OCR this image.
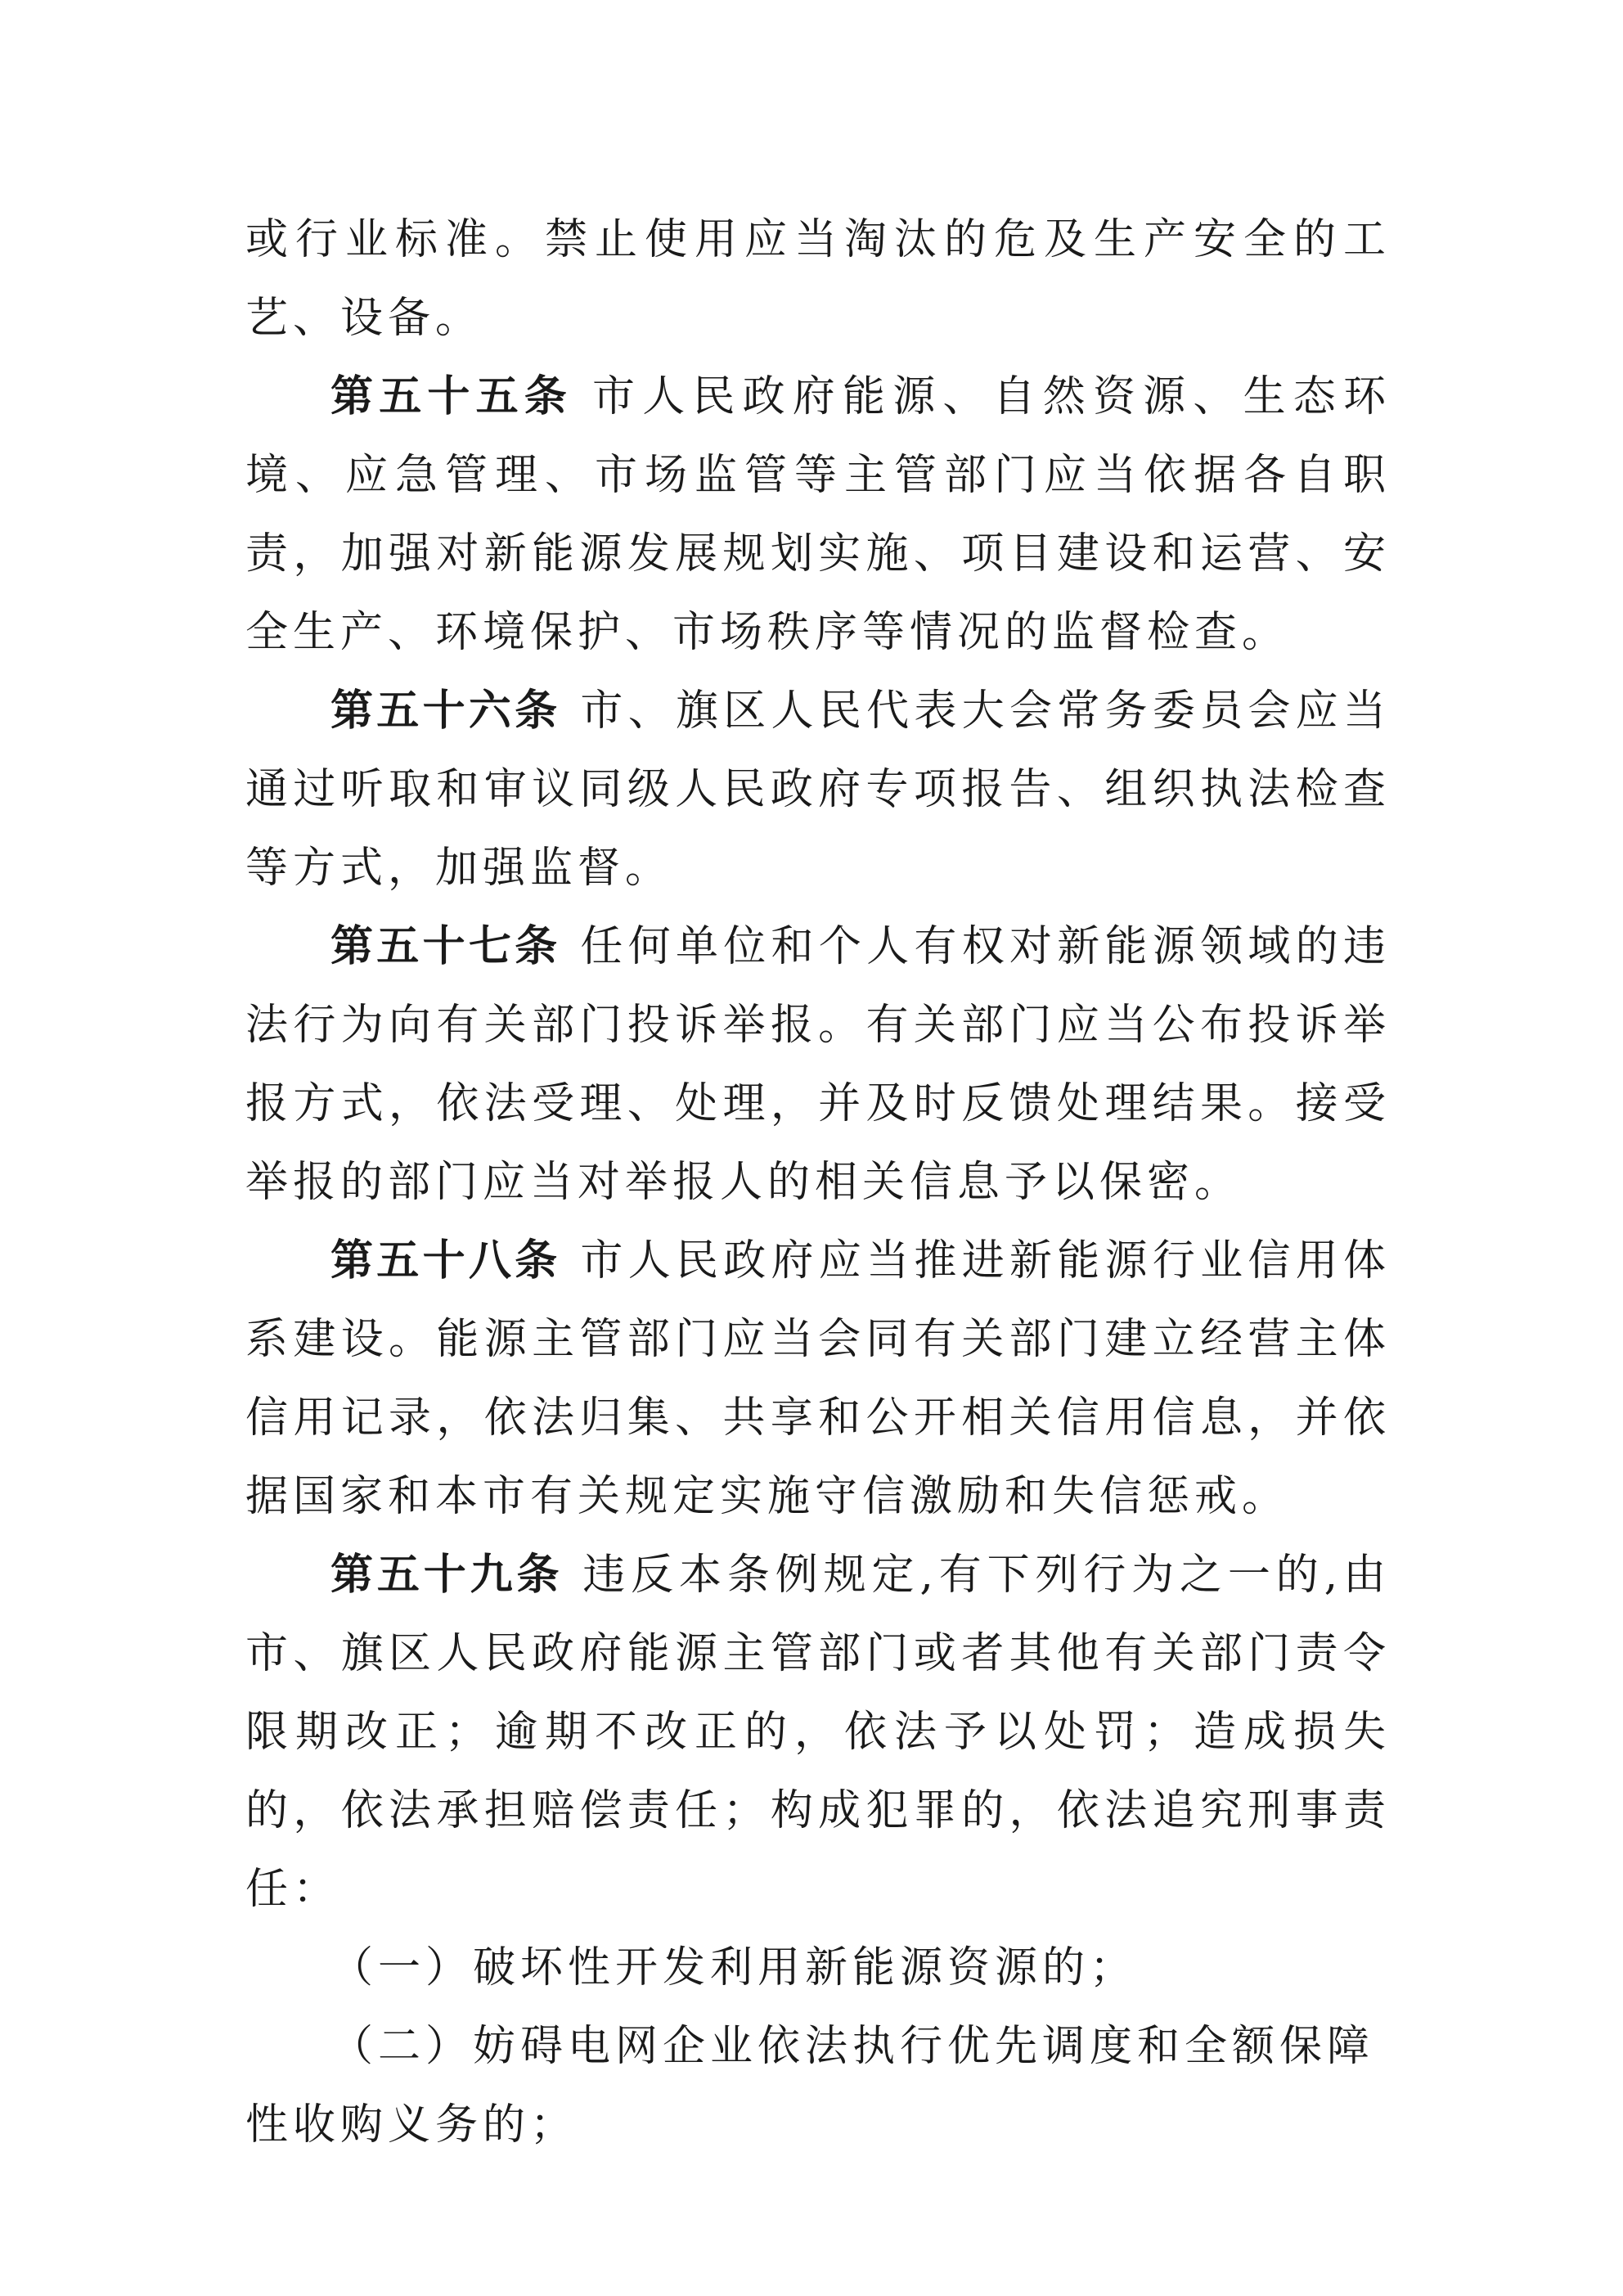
或行业标准。禁止使用应当淘汰的危及生产安全的工艺、设备。

第五十五条 市人民政府能源、自然资源、生态环境、应急管理、市场监管等主管部门应当依据各自职责，加强对新能源发展规划实施、项目建设和运营、安全生产、环境保护、市场秩序等情况的监督检查。

第五十六条 市、旗区人民代表大会常务委员会应当通过听取和审议同级人民政府专项报告、组织执法检查等方式，加强监督。

第五十七条 任何单位和个人有权对新能源领域的违法行为向有关部门投诉举报。有关部门应当公布投诉举报方式，依法受理、处理，并及时反馈处理结果。接受举报的部门应当对举报人的相关信息予以保密。

第五十八条 市人民政府应当推进新能源行业信用体系建设。能源主管部门应当会同有关部门建立经营主体信用记录，依法归集、共享和公开相关信用信息，并依据国家和本市有关规定实施守信激励和失信惩戒。

第五十九条 违反本条例规定,有下列行为之一的,由市、旗区人民政府能源主管部门或者其他有关部门责令限期改正；逾期不改正的，依法予以处罚；造成损失的，依法承担赔偿责任；构成犯罪的，依法追究刑事责任：

（一）破坏性开发利用新能源资源的；

（二）妨碍电网企业依法执行优先调度和全额保障性收购义务的；
